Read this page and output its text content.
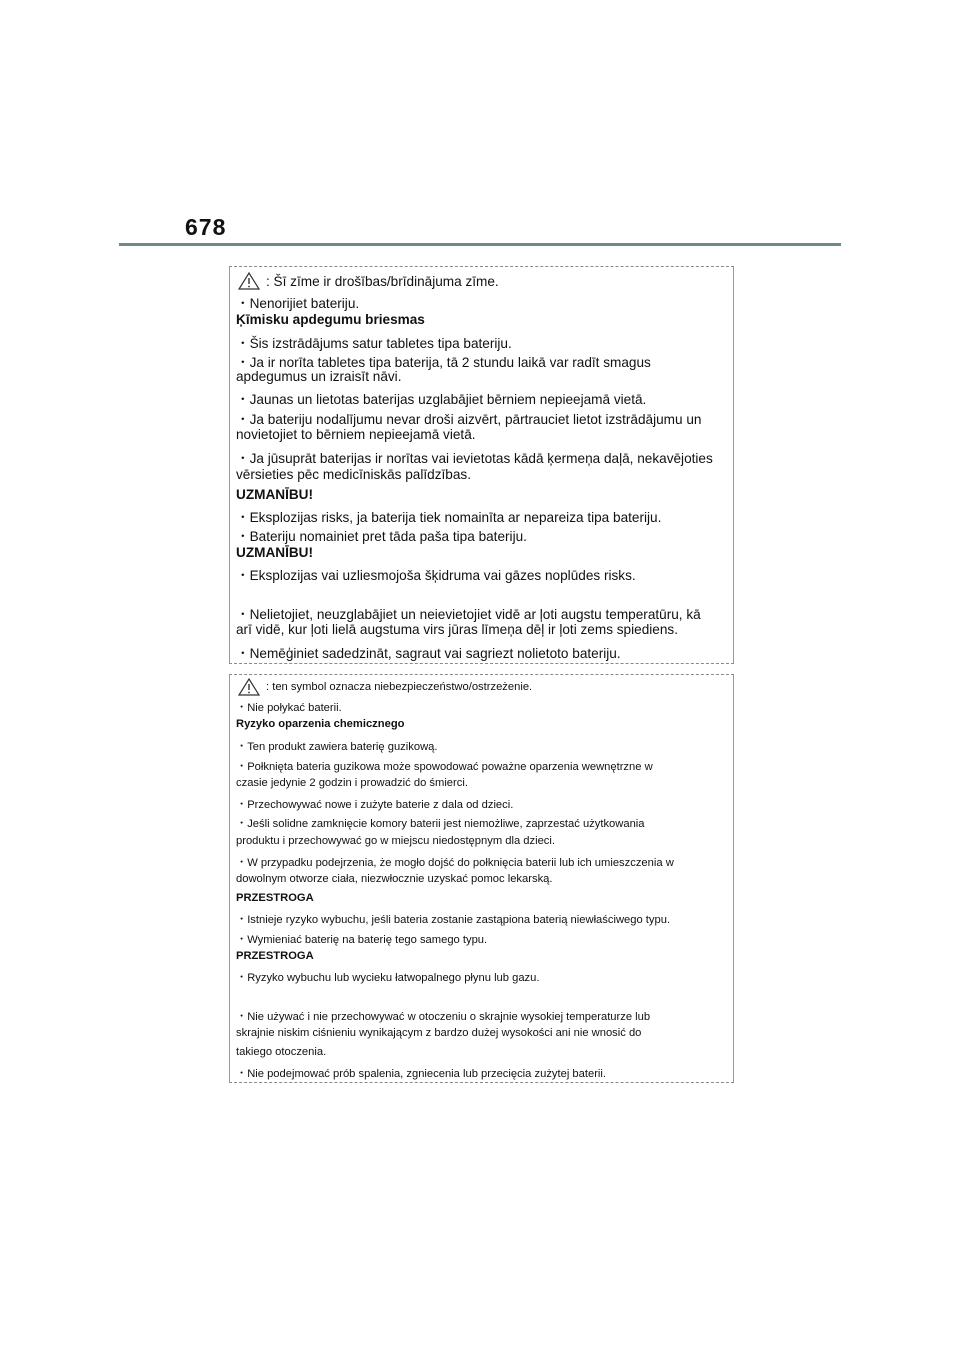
678
: Šī zīme ir drošības/brīdinājuma zīme.
・Nenorijiet bateriju.
Ķīmisku apdegumu briesmas
・Šis izstrādājums satur tabletes tipa bateriju.
・Ja ir norīta tabletes tipa baterija, tā 2 stundu laikā var radīt smagus
apdegumus un izraisīt nāvi.
・Jaunas un lietotas baterijas uzglabājiet bērniem nepieejamā vietā.
・Ja bateriju nodalījumu nevar droši aizvērt, pārtrauciet lietot izstrādājumu un
novietojiet to bērniem nepieejamā vietā.
・Ja jūsuprāt baterijas ir norītas vai ievietotas kādā ķermeņa daļā, nekavējoties
vērsieties pēc medicīniskās palīdzības.
UZMANĪBU!
・Eksplozijas risks, ja baterija tiek nomainīta ar nepareiza tipa bateriju.
・Bateriju nomainiet pret tāda paša tipa bateriju.
UZMANĪBU!
・Eksplozijas vai uzliesmojoša šķidruma vai gāzes noplūdes risks.
・Nelietojiet, neuzglabājiet un neievietojiet vidē ar ļoti augstu temperatūru, kā
arī vidē, kur ļoti lielā augstuma virs jūras līmeņa dēļ ir ļoti zems spiediens.
・Nemēģiniet sadedzināt, sagraut vai sagriezt nolietoto bateriju.
: ten symbol oznacza niebezpieczeństwo/ostrzeżenie.
・Nie połykać baterii.
Ryzyko oparzenia chemicznego
・Ten produkt zawiera baterię guzikową.
・Połknięta bateria guzikowa może spowodować poważne oparzenia wewnętrzne w
czasie jedynie 2 godzin i prowadzić do śmierci.
・Przechowywać nowe i zużyte baterie z dala od dzieci.
・Jeśli solidne zamknięcie komory baterii jest niemożliwe, zaprzestać użytkowania
produktu i przechowywać go w miejscu niedostępnym dla dzieci.
・W przypadku podejrzenia, że mogło dojść do połknięcia baterii lub ich umieszczenia w
dowolnym otworze ciała, niezwłocznie uzyskać pomoc lekarską.
PRZESTROGA
・Istnieje ryzyko wybuchu, jeśli bateria zostanie zastąpiona baterią niewłaściwego typu.
・Wymieniać baterię na baterię tego samego typu.
PRZESTROGA
・Ryzyko wybuchu lub wycieku łatwopalnego płynu lub gazu.
・Nie używać i nie przechowywać w otoczeniu o skrajnie wysokiej temperaturze lub
skrajnie niskim ciśnieniu wynikającym z bardzo dużej wysokości ani nie wnosić do
takiego otoczenia.
・Nie podejmować prób spalenia, zgniecenia lub przecięcia zużytej baterii.
